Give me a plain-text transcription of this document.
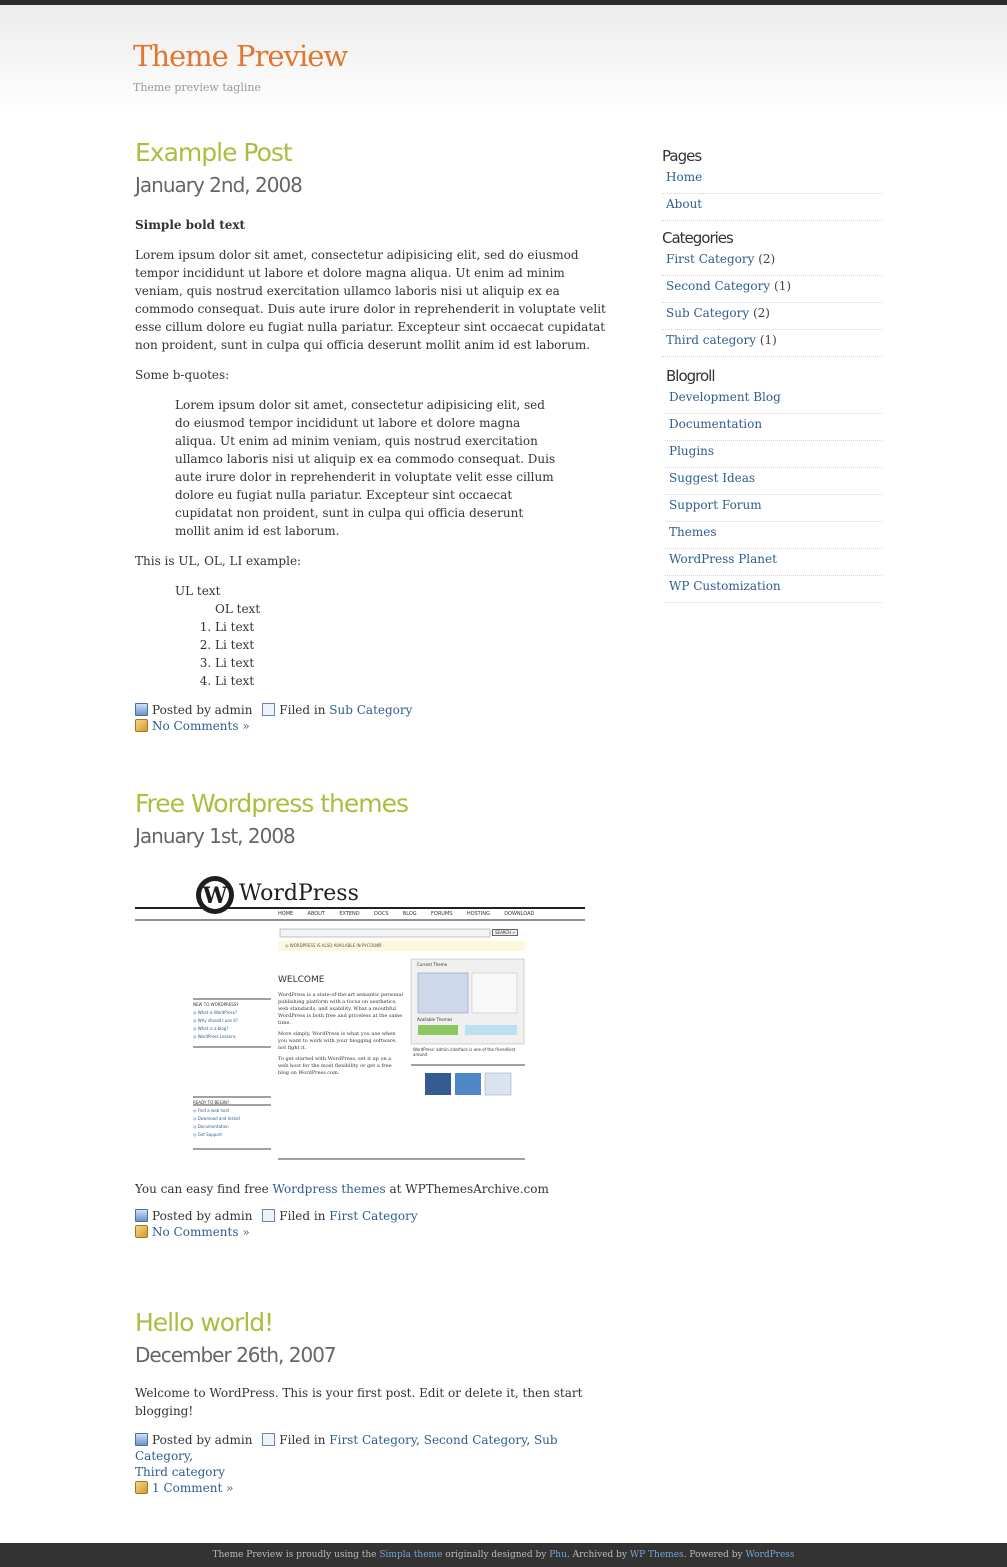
Theme Preview
Theme preview tagline
Example Post
January 2nd, 2008

Simple bold text

Lorem ipsum dolor sit amet, consectetur adipisicing elit, sed do eiusmod tempor incididunt ut labore et dolore magna aliqua. Ut enim ad minim veniam, quis nostrud exercitation ullamco laboris nisi ut aliquip ex ea commodo consequat. Duis aute irure dolor in reprehenderit in voluptate velit esse cillum dolore eu fugiat nulla pariatur. Excepteur sint occaecat cupidatat non proident, sunt in culpa qui officia deserunt mollit anim id est laborum.

Some b-quotes:

Lorem ipsum dolor sit amet, consectetur adipisicing elit, sed do eiusmod tempor incididunt ut labore et dolore magna aliqua. Ut enim ad minim veniam, quis nostrud exercitation ullamco laboris nisi ut aliquip ex ea commodo consequat. Duis aute irure dolor in reprehenderit in voluptate velit esse cillum dolore eu fugiat nulla pariatur. Excepteur sint occaecat cupidatat non proident, sunt in culpa qui officia deserunt mollit anim id est laborum.

This is UL, OL, LI example:

UL text
OL text
1. Li text
2. Li text
3. Li text
4. Li text
Posted by admin Filed in Sub Category
No Comments »
Free Wordpress themes
January 1st, 2008
W WordPress
HOME	ABOUT	EXTEND	DOCS	BLOG	FORUMS	HOSTING	DOWNLOAD
SEARCH »
◎ WORDPRESS IS ALSO AVAILABLE IN РУССКИЙ.
WELCOME
WordPress is a state-of-the-art semantic personal publishing platform with a focus on aesthetics, web standards, and usability. What a mouthful. WordPress is both free and priceless at the same time.
More simply, WordPress is what you use when you want to work with your blogging software, not fight it.
To get started with WordPress, set it up on a web host for the most flexibility or get a free blog on WordPress.com.
Current Theme
Available Themes
WordPress' admin interface is one of the friendliest around.
NEW TO WORDPRESS?
◎ What is WordPress?
◎ Why should I use it?
◎ What is a blog?
◎ WordPress Lessons
READY TO BEGIN?
◎ Find a web host
◎ Download and Install
◎ Documentation
◎ Get Support

You can easy find free Wordpress themes at WPThemesArchive.com

Posted by admin Filed in First Category
No Comments »
Hello world!
December 26th, 2007

Welcome to WordPress. This is your first post. Edit or delete it, then start blogging!

Posted by admin Filed in First Category, Second Category, Sub Category,
Third category
1 Comment »
Pages
Home
About
Categories
First Category (2)
Second Category (1)
Sub Category (2)
Third category (1)
Blogroll
Development Blog
Documentation
Plugins
Suggest Ideas
Support Forum
Themes
WordPress Planet
WP Customization
Theme Preview is proudly using the Simpla theme originally designed by Phu. Archived by WP Themes. Powered by WordPress
